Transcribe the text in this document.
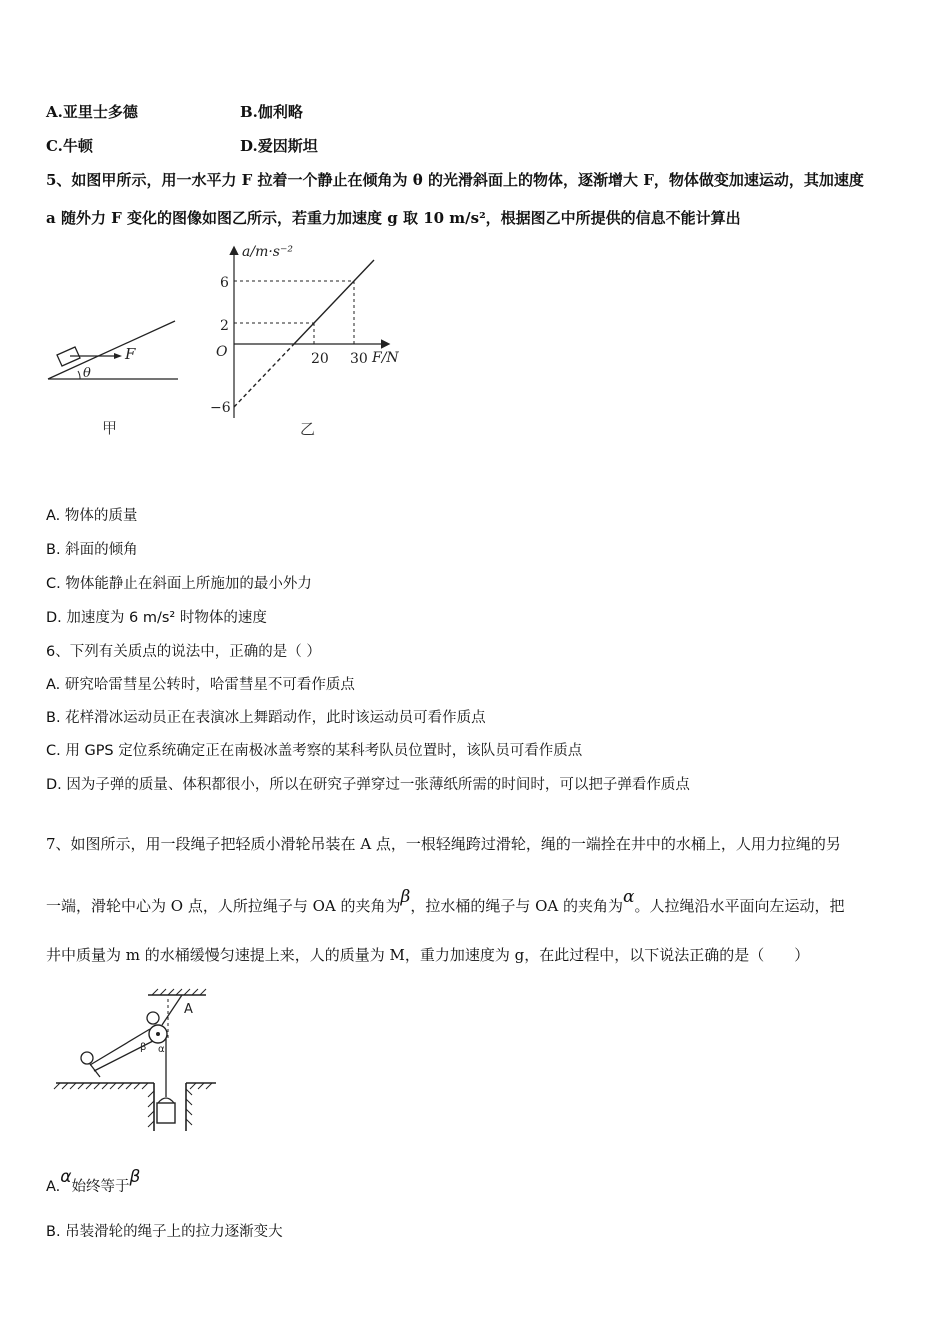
A.亚里士多德	B.伽利略
C.牛顿	D.爱因斯坦
5、如图甲所示，用一水平力 F 拉着一个静止在倾角为 θ 的光滑斜面上的物体，逐渐增大 F，物体做变加速运动，其加速度
a 随外力 F 变化的图像如图乙所示，若重力加速度 g 取 10 m/s²，根据图乙中所提供的信息不能计算出
F
θ
甲
a/m·s⁻²
F/N
O
乙
20 30
6
2
−6
A. 物体的质量
B. 斜面的倾角
C. 物体能静止在斜面上所施加的最小外力
D. 加速度为 6 m/s² 时物体的速度
6、下列有关质点的说法中，正确的是（ ）
A. 研究哈雷彗星公转时，哈雷彗星不可看作质点
B. 花样滑冰运动员正在表演冰上舞蹈动作，此时该运动员可看作质点
C. 用 GPS 定位系统确定正在南极冰盖考察的某科考队员位置时，该队员可看作质点
D. 因为子弹的质量、体积都很小，所以在研究子弹穿过一张薄纸所需的时间时，可以把子弹看作质点
7、如图所示，用一段绳子把轻质小滑轮吊装在 A 点，一根轻绳跨过滑轮，绳的一端拴在井中的水桶上，人用力拉绳的另
一端，滑轮中心为 O 点，人所拉绳子与 OA 的夹角为β，拉水桶的绳子与 OA 的夹角为α。人拉绳沿水平面向左运动，把
井中质量为 m 的水桶缓慢匀速提上来，人的质量为 M，重力加速度为 g，在此过程中，以下说法正确的是（　　）
A
β α
A.α始终等于β
B. 吊装滑轮的绳子上的拉力逐渐变大
